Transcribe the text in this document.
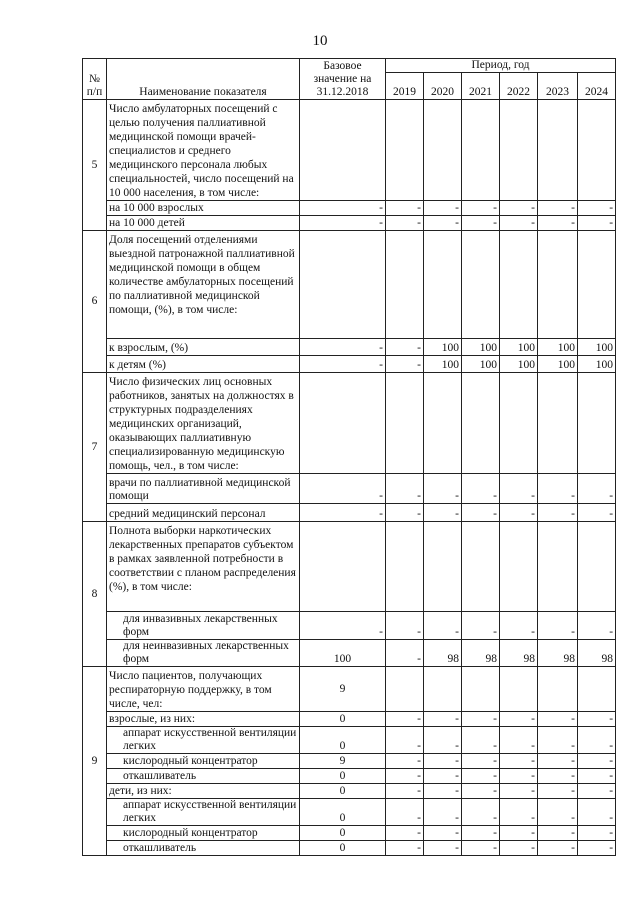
10
№ п/п	Наименование показателя	Базовое значение на 31.12.2018	Период, год					
			2019	2020	2021	2022	2023	2024
5	Число амбулаторных посещений с целью получения паллиативной медицинской помощи врачей-специалистов и среднего медицинского персонала любых специальностей, число посещений на 10 000 населения, в том числе:							
	на 10 000 взрослых	-	-	-	-	-	-	-
	на 10 000 детей	-	-	-	-	-	-	-
6	Доля посещений отделениями выездной патронажной паллиативной медицинской помощи в общем количестве амбулаторных посещений по паллиативной медицинской помощи, (%), в том числе:							
	к взрослым, (%)	-	-	100	100	100	100	100
	к детям (%)	-	-	100	100	100	100	100
7	Число физических лиц основных работников, занятых на должностях в структурных подразделениях медицинских организаций, оказывающих паллиативную специализированную медицинскую помощь, чел., в том числе:							
	врачи по паллиативной медицинской помощи	-	-	-	-	-	-	-
	средний медицинский персонал	-	-	-	-	-	-	-
8	Полнота выборки наркотических лекарственных препаратов субъектом в рамках заявленной потребности в соответствии с планом распределения (%), в том числе:							
	для инвазивных лекарственных форм	-	-	-	-	-	-	-
	для неинвазивных лекарственных форм	100	-	98	98	98	98	98
9	Число пациентов, получающих респираторную поддержку, в том числе, чел:	9						
	взрослые, из них:	0	-	-	-	-	-	-
	аппарат искусственной вентиляции легких	0	-	-	-	-	-	-
	кислородный концентратор	9	-	-	-	-	-	-
	откашливатель	0	-	-	-	-	-	-
	дети, из них:	0	-	-	-	-	-	-
	аппарат искусственной вентиляции легких	0	-	-	-	-	-	-
	кислородный концентратор	0	-	-	-	-	-	-
	откашливатель	0	-	-	-	-	-	-
